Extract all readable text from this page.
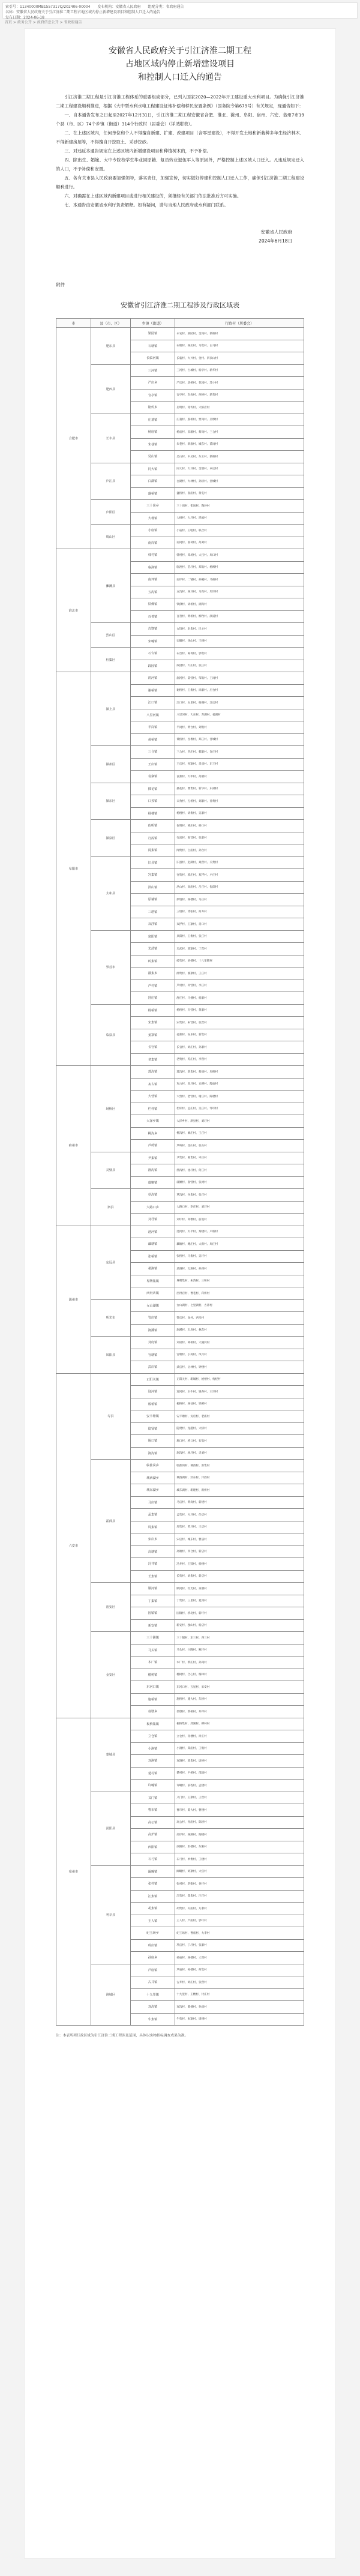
索引号：11340000MB1557317Q/202406-00004 发布机构：安徽省人民政府 组配分类：省政府通告
名称：安徽省人民政府关于引江济淮二期工程占地区域内停止新增建设项目和控制人口迁入的通告
发布日期：2024-06-18
首页 > 政务公开 > 政府信息公开 > 省政府通告
安徽省人民政府关于引江济淮二期工程
占地区域内停止新增建设项目
和控制人口迁入的通告

引江济淮二期工程是引江济淮工程体系的重要组成部分，已列入国家2020—2022年开工建设重大水利项目。为确保引江济淮二期工程建设顺利推进，根据《大中型水利水电工程建设征地补偿和移民安置条例》（国务院令第679号）有关规定，现通告如下：

一、自本通告发布之日起至2027年12月31日，引江济淮二期工程安徽省合肥、淮北、滁州、阜阳、宿州、六安、亳州7市19个县（市、区）74个乡镇（街道）314个行政村（居委会）（详见附表）。

二、在上述区域内，任何单位和个人不得擅自新建、扩建、改建项目（含零星建设），不得开发土地和新栽种多年生经济林木、不得新建房屋等，不得擅自开挖取土、采砂挖砂。

三、对违反本通告规定在上述区域内新增建设项目和种植树木的，不予补偿。

四、除出生、婚嫁、大中专院校学生毕业回原籍、复员转业退伍军人等原因外，严格控制上述区域人口迁入。凡违反规定迁入的人口，不予补偿和安置。

五、各有关市县人民政府要加强领导，落实责任，加强宣传，切实做好停建和控制人口迁入工作，确保引江济淮二期工程建设顺利进行。

六、对确需在上述区域内新建项目或进行相关建设的，须报经有关部门依法批准后方可实施。

七、本通告由安徽省水利厅负责解释。如有疑问，请与当地人民政府或水利部门联系。

安徽省人民政府
2024年6月18日
附件
安徽省引江济淮二期工程涉及行政区域表
市	县（市、区）	乡镇（街道）	行政村（居委会）
合肥市	肥东县	梁园镇	永安村、梁园村、金岗村、新桥村
		石塘镇	石塘村、杨店村、马集村、白马村
		长临河镇	长临村、大兴村、金村、四顶山村
	肥西县	三河镇	三河村、古城村、杨亭村、新华村
		严店乡	严店村、唐桥村、花园村、苏小村
		官亭镇	官亭村、东岗村、西桥村、新集村
		铭传乡	启明村、铭传村、大柏店村
	长丰县	庄墓镇	庄墓村、殷桥村、贾岗村、吴墩村
		杨庙镇	杨庙村、双墩村、蔡岗村、三合村
		朱巷镇	朱巷村、新淮村、城东村、董岗村
		吴山镇	吴山村、中吴村、东王村、新桥村
	庐江县	同大镇	同大村、大圩村、金塔村、卓店村
		白湖镇	白湖村、大林村、孙桥村、金城村
		盛桥镇	盛桥村、张庙村、黄屯村
	庐阳区	三十岗乡	三十岗村、崔岗村、陶冲村
		大杨镇	大杨村、大圩村、鸿福村
	蜀山区	小庙镇	小庙村、王咀村、联合村
		南岗镇	南岗村、张祠村、高刘村
淮北市	濉溪县	韩村镇	韩村村、邓场村、大吕村、周口村
		临涣镇	临涣村、苗圩村、郑集村、杨柳村
		南坪镇	南坪村、二铺村、孙疃村、马桥村
		五沟镇	五沟村、杨圩村、马沟村、周圩村
		铁佛镇	铁佛村、胡桥村、湖沟村
		百善镇	百善村、黄桥村、柳孜村、颜道村
	烈山区	古饶镇	古饶村、赵集村、民主村
		宋疃镇	宋疃村、汤山村、王楼村
	杜集区	石台镇	石台村、陈场村、郭集村
		段园镇	段园村、大庄村、张庄村
阜阳市	颍上县	润河镇	润河村、陆营村、邹集村、王岗村
		谢桥镇	谢桥村、王集村、徐寨村、庄台村
		江口镇	江口村、五里村、杨湖村、江店村
		八里河镇	八里河村、大东村、苏湖村、姜湖村
		半岗镇	半岗村、黄台村、刘集村
		黄桥镇	黄桥村、谷堆村、郑庄村、甘城村
	颍州区	三合镇	三合村、罗庄村、韩寨村、许庄村
		王店镇	王店村、孙寨村、肖庙村、东王村
		袁寨镇	袁寨村、大申村、高塘村
	颍东区	插花镇	插花村、曹集村、新华村、东湖村
		口孜镇	口孜村、万桥村、刘寨村、孙集村
		杨楼镇	杨楼村、胡集村、吴寨村
	颍泉区	伍明镇	伍明村、韩庄村、桥口村
		行流镇	行流村、张营村、张寨村
		闻集镇	闻集村、白庙村、孙台村
	太和县	旧县镇	旧县村、赵湖村、桑营村、关集村
		宫集镇	宫集村、郭庄村、双浮村、卢庄村
		洪山镇	洪山村、高庙村、吕庄村、倪邱村
		原墙镇	原墙村、杨楼村、马庄村
		三塔镇	三塔村、湾张村、何井村
		双浮镇	双浮村、王寨村、肖口村
	界首市	泉阳镇	泉阳村、王集村、张庄村
		光武镇	光武村、郭寨村、丁营村
		砖集镇	砖集村、刘楼村、十八里铺村
		邴集乡	邴集村、邴寨村、王庄村
		芦村镇	芦村村、何营村、李庄村
		舒庄镇	舒庄村、马楼村、杨寨村
	临泉县	杨桥镇	杨桥村、冯营村、黄寨村
		宋集镇	宋集村、朱营村、张营村
		姜寨镇	姜寨村、安乐村、新集村
		长官镇	长官村、刘庄村、孙寨村
		老集镇	老集村、苏庄村、李营村
宿州市	埇桥区	蒿沟镇	蒿沟村、新集村、蔡庙村、周桥村
		灰古镇	灰古村、周圩村、五柳村、殷庙村
		大营镇	大营村、老营村、谢庄村、陈楼村
		栏杆镇	栏杆村、孟庄村、吴庄村、邹圩村
		大泽乡镇	大泽乡村、泗县村、刘圩村
		桃沟乡	桃沟村、阚庄村、王庄村
		芦岭镇	芦岭村、北山村、张山村
	灵璧县	尹集镇	尹集村、陈集村、枣庄村
		渔沟镇	渔沟村、沈圩村、何庄村
		虞姬镇	虞姬村、张营村、张祠村
	泗县	草沟镇	草沟村、谷集村、张庄村
		大路口乡	大路口村、李庄村、刘圩村
		刘圩镇	刘圩村、高墩村、前进村
滁州市	定远县	池河镇	池河村、太平村、秦楼村、卢桥村
		藕塘镇	藕塘村、鲍庄村、大新村、周庄村
		张桥镇	张桥村、马集村、吴圩村
		桑涧镇	桑涧村、万涧村、孙湾村
		界牌集镇	界牌集村、朱湾村、三和村
		西卅店镇	西卅店村、曹巷村、蒋桥村
	明光市	女山湖镇	女山湖村、七里湖村、古沛村
		管店镇	管店村、岗村、西马村
		涧溪镇	涧溪村、石坝村、林东村
	凤阳县	刘府镇	刘府村、韩桥村、大溪河村
		官塘镇	官塘村、小岗村、凤兴村
		武店镇	武店村、岳林村、钟楼村
六安市	寿县	正阳关镇	正阳关村、新城村、姚楼村、枸杞村
		迎河镇	迎河村、水牛村、银杏村、王圩村
		板桥镇	板桥村、杨仙村、铁佛村
		安丰塘镇	安丰塘村、戈店村、老庙村
		隐贤镇	隐贤村、龙港村、大桥村
		堰口镇	堰口村、桥口村、石集村
		涧沟镇	涧沟村、杨圩村、炎刘村
	霍邱县	临淮岗乡	临淮岗村、城西村、洪集村
		城西湖乡	城西湖村、沣东村、沣西村
		城东湖乡	城东湖村、新建村、新桥村
		马店镇	马店村、黄岗村、新建村
		孟集镇	孟集村、方圩村、任店村
		周集镇	周集村、黄圩村、王店村
		宋店乡	宋店村、城东村、曹庙村
		高塘镇	高塘村、四合村、新店村
		冯井镇	冯井村、王郢村、杨楼村
		长集镇	长集村、刘集村、新店村
	裕安区	顺河镇	顺河村、红光村、泉堰村
		丁集镇	丁集村、三里村、夏湾村
		固镇镇	固镇村、桥北村、新圩村
		新安镇	新安村、独山村、杨店村
	金安区	三十铺镇	三十铺村、东三村、西三村
		马头镇	马头村、兴隆村、鲍圩村
		木厂镇	木厂村、新庄村、孙岗村
		椿树镇	椿树村、合心村、梅林村
		东河口镇	东河口村、五星村、宋安村
		施桥镇	施桥村、施大村、东桥村
		翁墩乡	翁墩村、新桥村、井坪村
亳州市	蒙城县	板桥集镇	板桥集村、郑湖村、柳林村
		立仓镇	立仓村、孙楼村、徐王村
		小涧镇	小涧村、郑庙村、王集村
		双涧镇	双涧村、郭集村、唐桥村
		楚村镇	楚村村、尹桥村、邵庙村
		许疃镇	许疃村、前程村、孟楼村
	涡阳县	义门镇	义门村、王寨村、王营村
		曹市镇	曹市村、陈大村、曹楼村
		高公镇	高公村、孙庙村、陈桥村
		高炉镇	高炉村、杨湖村、陶楼村
		西阳镇	西阳村、彭楼村、东阳村
		石弓镇	石弓村、单集村、王楼村
	利辛县	阚疃镇	阚疃村、刘寨村、大官村
		张村镇	张村村、老街村、谷圩村
		江集镇	江集村、郑集村、汪庄村
		胡集镇	胡集村、关庙村、万寨村
		王人镇	王人村、芦庙村、郭圩村
		纪王场乡	纪王场村、曹庙村、大李村
		巩店镇	巩店村、丁圩村、张寨村
		孙庙乡	孙庙村、杨楼村、大周村
	谯城区	芦庙镇	芦庙村、孙楼村、何集村
		古井镇	古井村、刘庄村、张营村
		十九里镇	十九里村、王楼村、付庄村
		双沟镇	双沟村、陈楼村、孙庙村
		牛集镇	牛集村、朱寨村、周楼村
注：本表所列行政区域为引江济淮二期工程涉及范围，具体以实物指标调查成果为准。
